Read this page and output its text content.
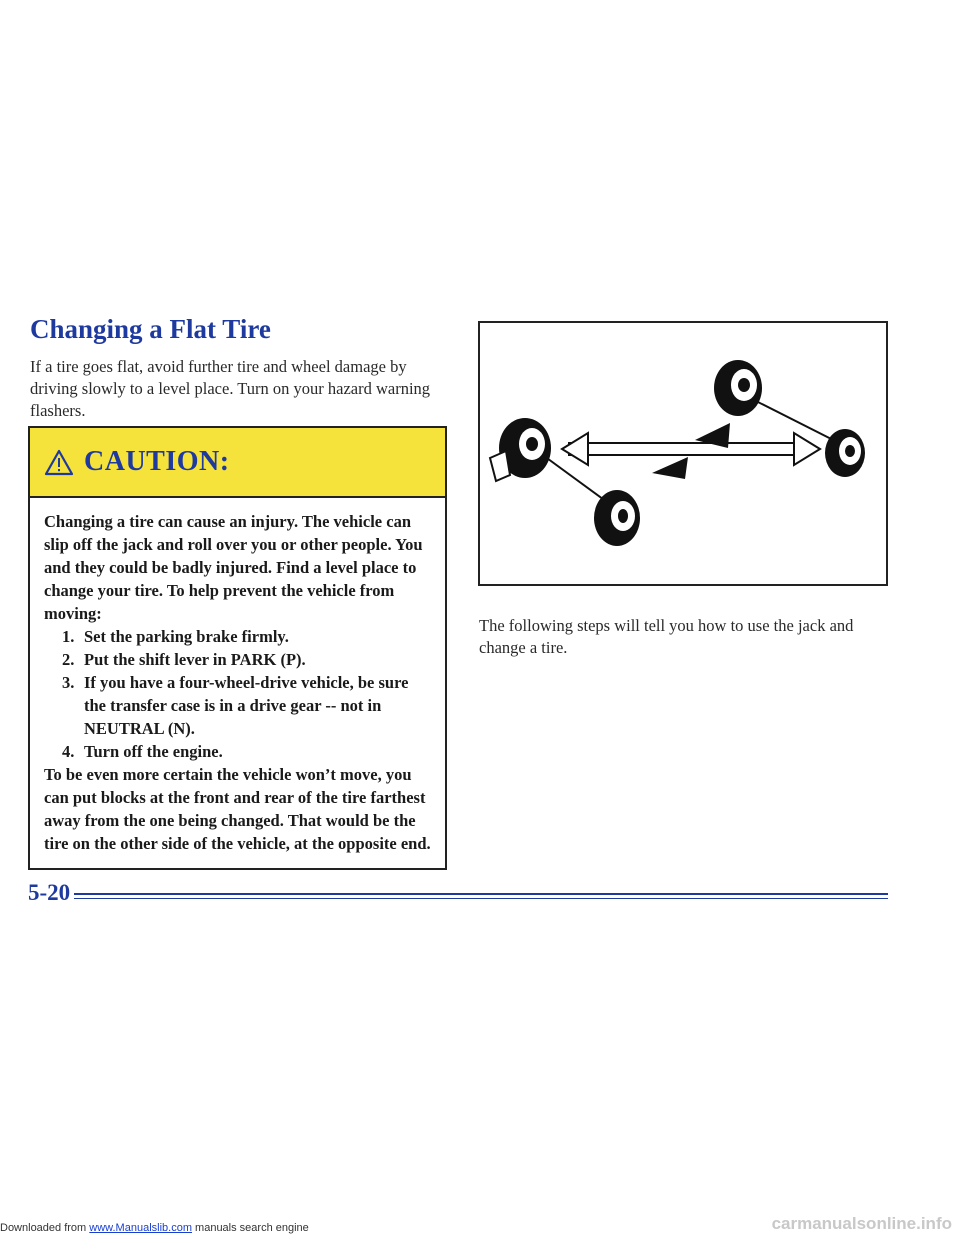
Changing a Flat Tire

If a tire goes flat, avoid further tire and wheel damage by driving slowly to a level place. Turn on your hazard warning flashers.

CAUTION:

Changing a tire can cause an injury. The vehicle can slip off the jack and roll over you or other people. You and they could be badly injured. Find a level place to change your tire. To help prevent the vehicle from moving:

1. Set the parking brake firmly.
2. Put the shift lever in PARK (P).
3. If you have a four-wheel-drive vehicle, be sure the transfer case is in a drive gear -- not in NEUTRAL (N).
4. Turn off the engine.

To be even more certain the vehicle won’t move, you can put blocks at the front and rear of the tire farthest away from the one being changed. That would be the tire on the other side of the vehicle, at the opposite end.

The following steps will tell you how to use the jack and change a tire.

5-20
Downloaded from www.Manualslib.com manuals search engine	carmanualsonline.info
